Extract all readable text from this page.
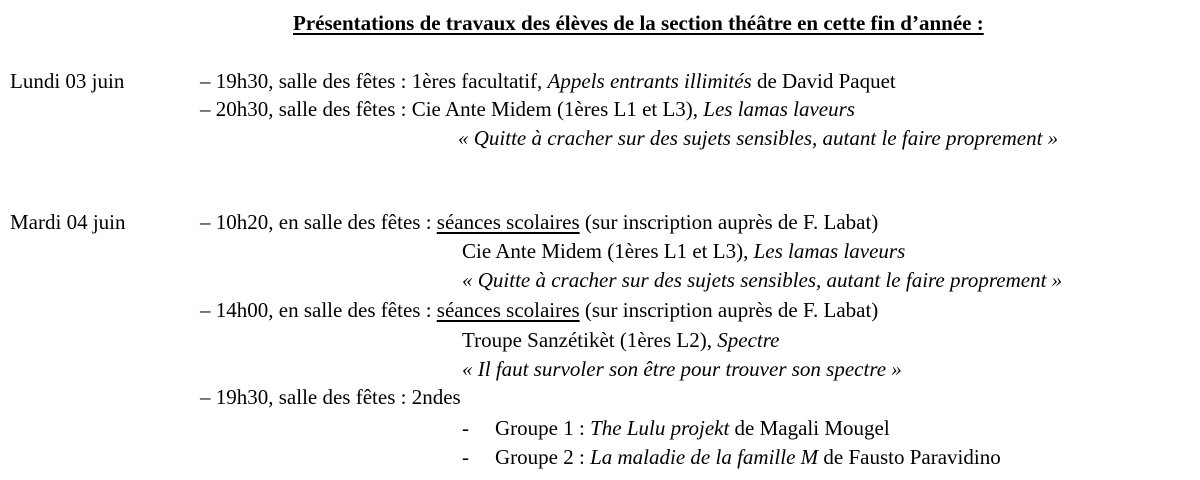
Présentations de travaux des élèves de la section théâtre en cette fin d’année :
Lundi 03 juin	– 19h30, salle des fêtes : 1ères facultatif, Appels entrants illimités de David Paquet
– 20h30, salle des fêtes : Cie Ante Midem (1ères L1 et L3), Les lamas laveurs
« Quitte à cracher sur des sujets sensibles, autant le faire proprement »
Mardi 04 juin	– 10h20, en salle des fêtes : séances scolaires (sur inscription auprès de F. Labat)
Cie Ante Midem (1ères L1 et L3), Les lamas laveurs
« Quitte à cracher sur des sujets sensibles, autant le faire proprement »
– 14h00, en salle des fêtes : séances scolaires (sur inscription auprès de F. Labat)
Troupe Sanzétikèt (1ères L2), Spectre
« Il faut survoler son être pour trouver son spectre »
– 19h30, salle des fêtes : 2ndes
- Groupe 1 : The Lulu projekt de Magali Mougel
- Groupe 2 : La maladie de la famille M de Fausto Paravidino
